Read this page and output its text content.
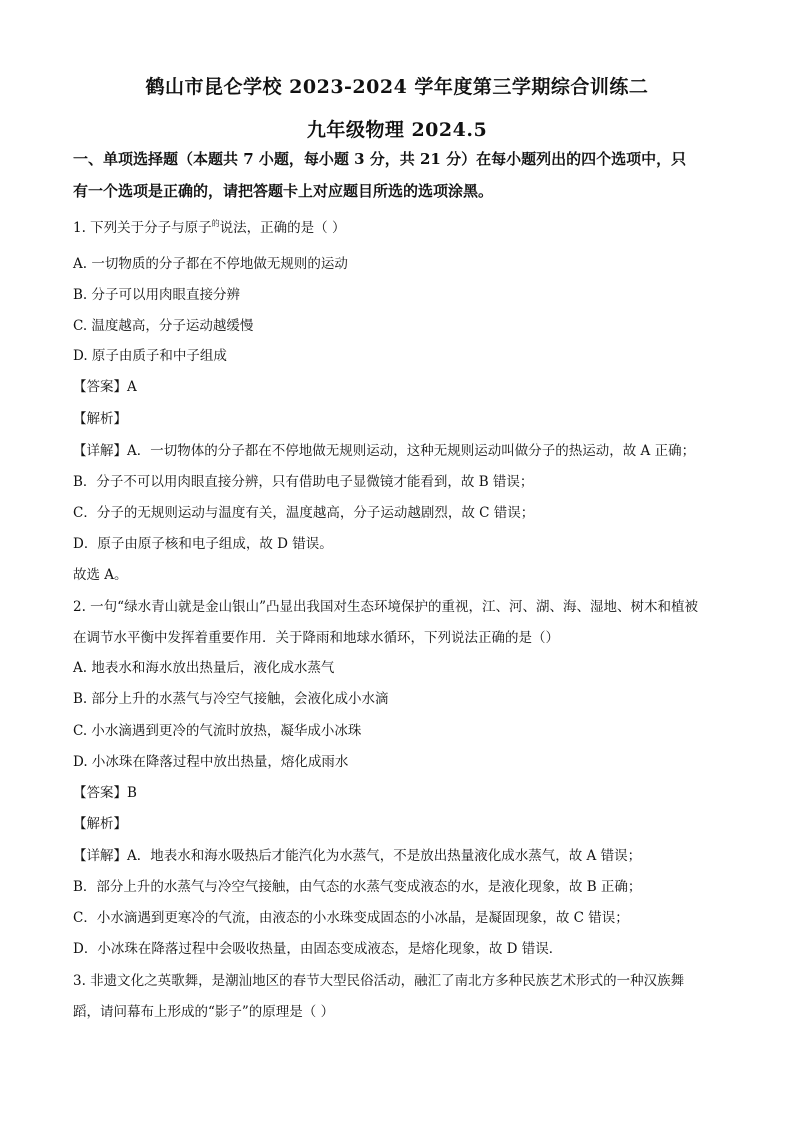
鹤山市昆仑学校 2023-2024 学年度第三学期综合训练二
九年级物理 2024.5
一、单项选择题（本题共 7 小题，每小题 3 分，共 21 分）在每小题列出的四个选项中，只
有一个选项是正确的，请把答题卡上对应题目所选的选项涂黑。
1. 下列关于分子与原子$^的$说法，正确的是（ ）
A. 一切物质的分子都在不停地做无规则的运动
B. 分子可以用肉眼直接分辨
C. 温度越高，分子运动越缓慢
D. 原子由质子和中子组成
【答案】A
【解析】
【详解】A．一切物体的分子都在不停地做无规则运动，这种无规则运动叫做分子的热运动，故 A 正确；
B．分子不可以用肉眼直接分辨，只有借助电子显微镜才能看到，故 B 错误；
C．分子的无规则运动与温度有关，温度越高，分子运动越剧烈，故 C 错误；
D．原子由原子核和电子组成，故 D 错误。
故选 A。
2. 一句“绿水青山就是金山银山”凸显出我国对生态环境保护的重视，江、河、湖、海、湿地、树木和植被
在调节水平衡中发挥着重要作用．关于降雨和地球水循环，下列说法正确的是（）
A. 地表水和海水放出热量后，液化成水蒸气
B. 部分上升的水蒸气与冷空气接触，会液化成小水滴
C. 小水滴遇到更冷的气流时放热，凝华成小冰珠
D. 小冰珠在降落过程中放出热量，熔化成雨水
【答案】B
【解析】
【详解】A．地表水和海水吸热后才能汽化为水蒸气，不是放出热量液化成水蒸气，故 A 错误；
B．部分上升的水蒸气与冷空气接触，由气态的水蒸气变成液态的水，是液化现象，故 B 正确；
C．小水滴遇到更寒冷的气流，由液态的小水珠变成固态的小冰晶，是凝固现象，故 C 错误；
D．小冰珠在降落过程中会吸收热量，由固态变成液态，是熔化现象，故 D 错误．
3. 非遗文化之英歌舞，是潮汕地区的春节大型民俗活动，融汇了南北方多种民族艺术形式的一种汉族舞
蹈，请问幕布上形成的“影子”的原理是（ ）
